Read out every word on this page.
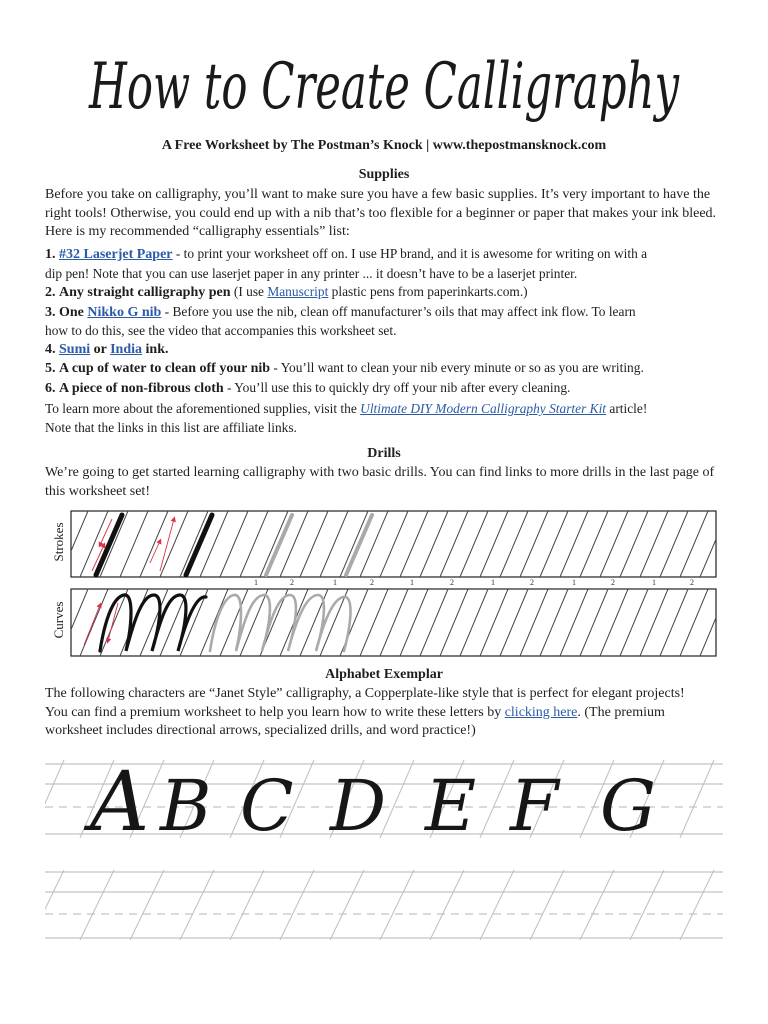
How to Create Calligraphy
A Free Worksheet by The Postman’s Knock | www.thepostmansknock.com
Supplies
Before you take on calligraphy, you’ll want to make sure you have a few basic supplies. It’s very important to have the right tools! Otherwise, you could end up with a nib that’s too flexible for a beginner or paper that makes your ink bleed. Here is my recommended “calligraphy essentials” list:
1. #32 Laserjet Paper - to print your worksheet off on. I use HP brand, and it is awesome for writing on with a
dip pen! Note that you can use laserjet paper in any printer ... it doesn’t have to be a laserjet printer.
2. Any straight calligraphy pen (I use Manuscript plastic pens from paperinkarts.com.)
3. One Nikko G nib - Before you use the nib, clean off manufacturer’s oils that may affect ink flow. To learn
how to do this, see the video that accompanies this worksheet set.
4. Sumi or India ink.
5. A cup of water to clean off your nib - You’ll want to clean your nib every minute or so as you are writing.
6. A piece of non-fibrous cloth - You’ll use this to quickly dry off your nib after every cleaning.
To learn more about the aforementioned supplies, visit the Ultimate DIY Modern Calligraphy Starter Kit article!
Note that the links in this list are affiliate links.
Drills
We’re going to get started learning calligraphy with two basic drills. You can find links to more drills in the last page of this worksheet set!
Strokes
Curves
1	2	1	2	1	2	1	2	1	2	1	2
Alphabet Exemplar
The following characters are “Janet Style” calligraphy, a Copperplate-like style that is perfect for elegant projects!
You can find a premium worksheet to help you learn how to write these letters by clicking here. (The premium
worksheet includes directional arrows, specialized drills, and word practice!)
A B C D E F G
